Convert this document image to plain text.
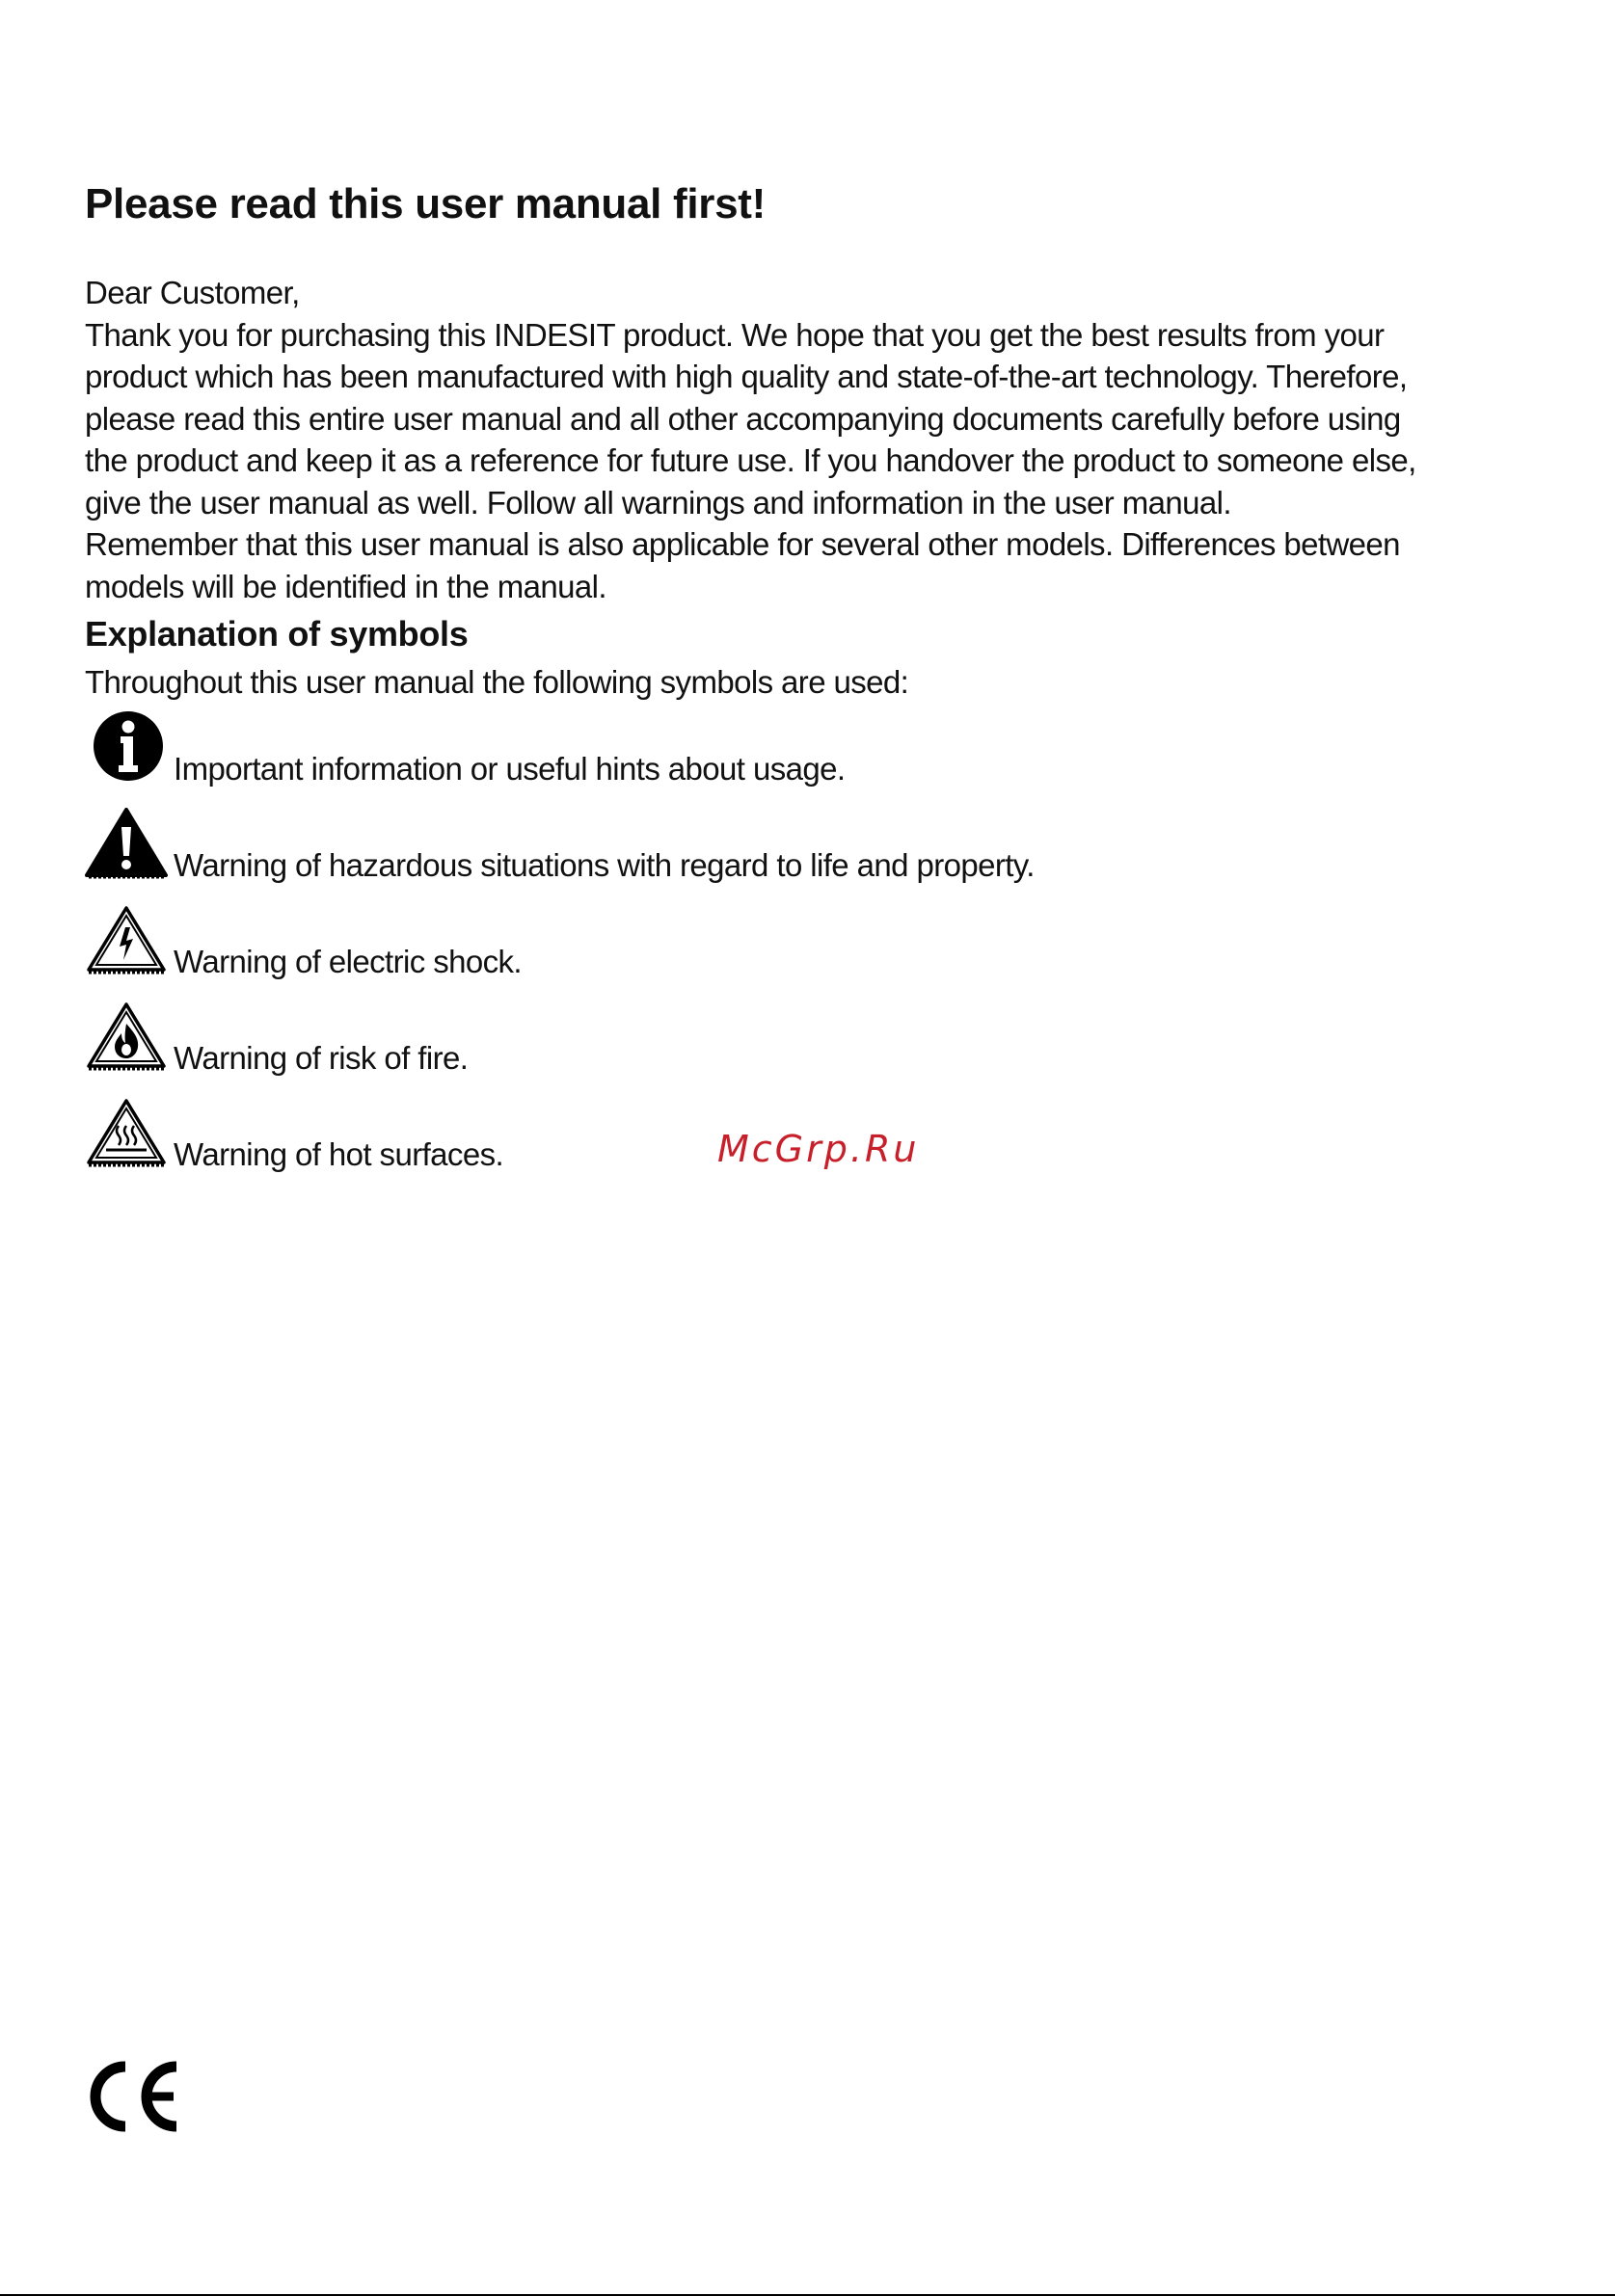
Please read this user manual first!

Dear Customer,

Thank you for purchasing this INDESIT product. We hope that you get the best results from your

product which has been manufactured with high quality and state-of-the-art technology. Therefore,

please read this entire user manual and all other accompanying documents carefully before using

the product and keep it as a reference for future use. If you handover the product to someone else,

give the user manual as well. Follow all warnings and information in the user manual.

Remember that this user manual is also applicable for several other models. Differences between

models will be identified in the manual.

Explanation of symbols

Throughout this user manual the following symbols are used:

Important information or useful hints about usage.
Warning of hazardous situations with regard to life and property.
Warning of electric shock.
Warning of risk of fire.
Warning of hot surfaces.	McGrp.Ru
